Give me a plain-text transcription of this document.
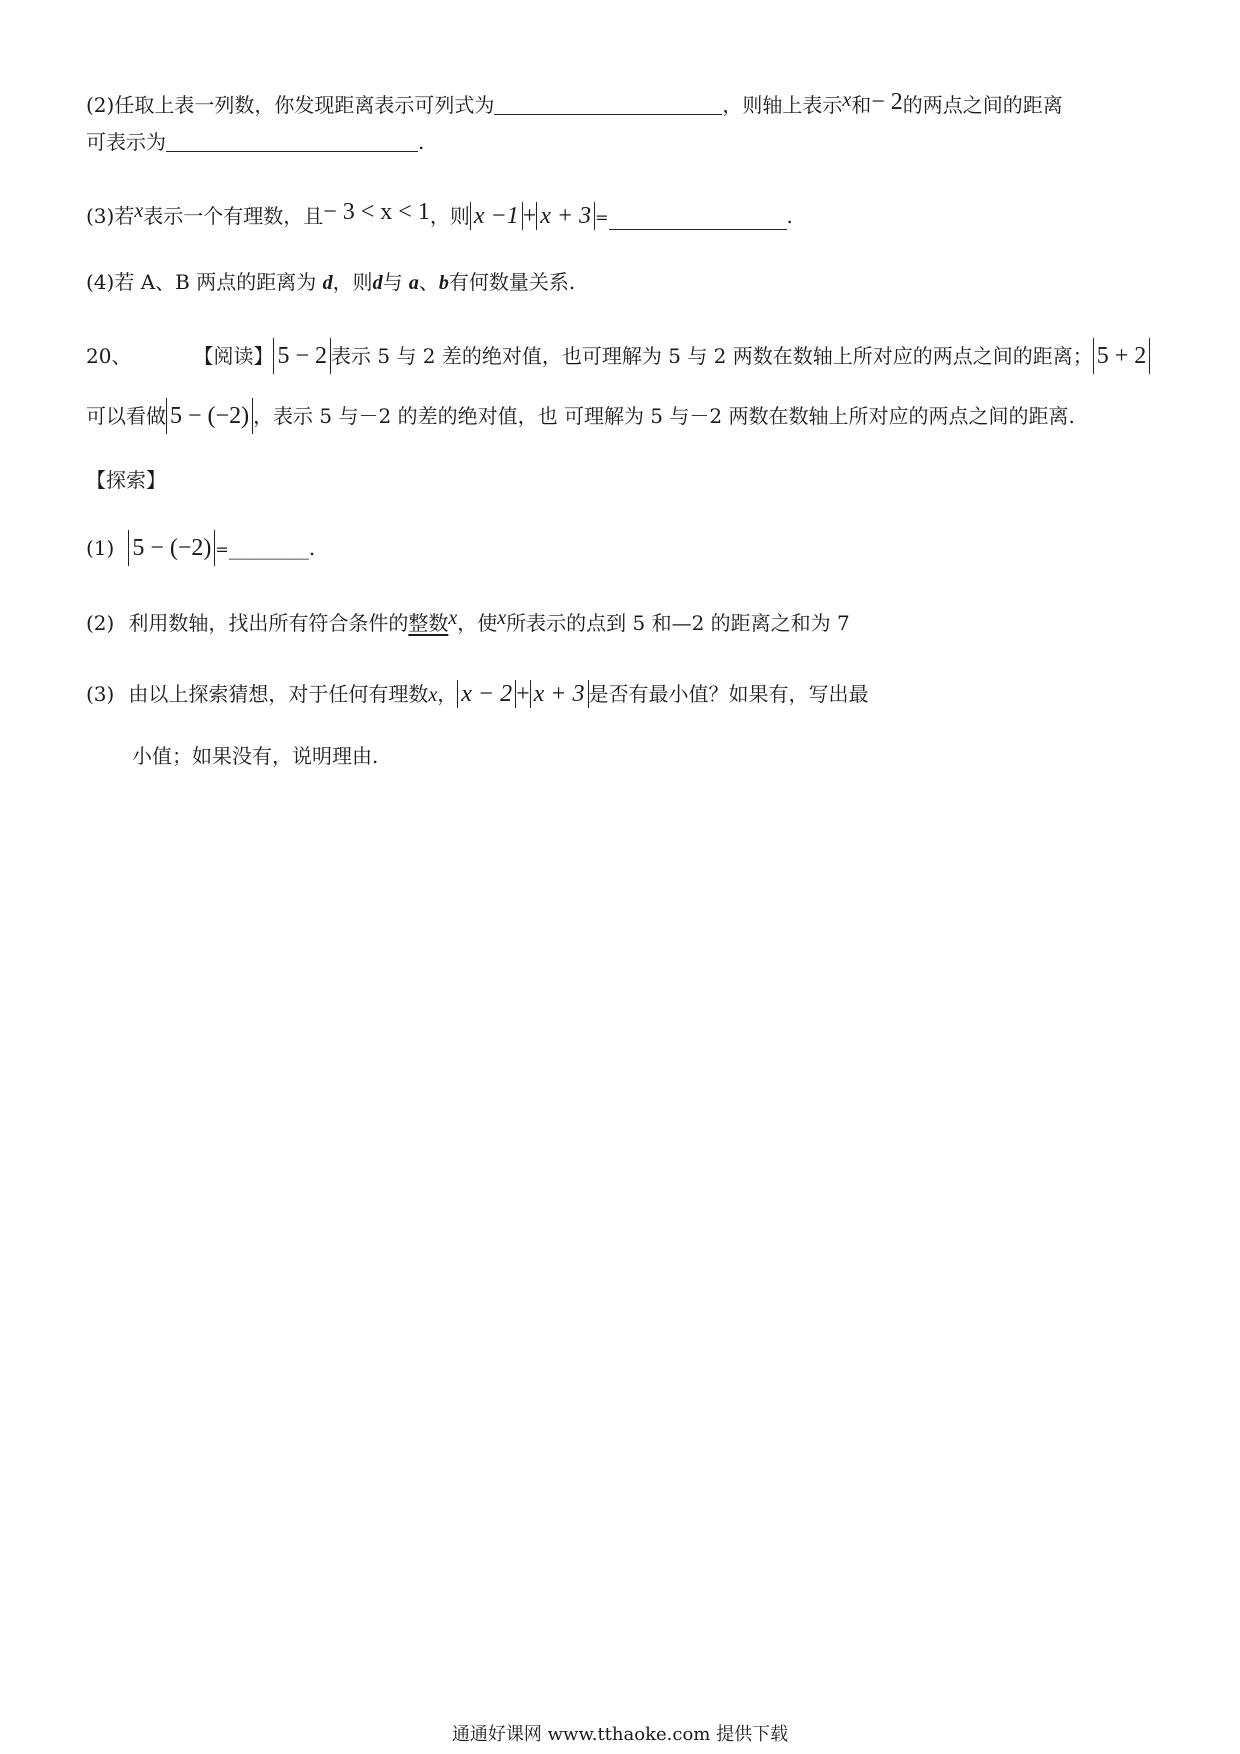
(2)任取上表一列数，你发现距离表示可列式为	，则轴上表示x和− 2的两点之间的距离
可表示为	.
(3)若x表示一个有理数，且− 3 < x < 1，则 x −1 + x + 3 =	.
(4)若 A、B 两点的距离为 d，则d与 a、b有何数量关系.
20、	【阅读】 5 − 2 表示 5 与 2 差的绝对值，也可理解为 5 与 2 两数在数轴上所对应的两点之间的距离； 5 + 2
可以看做 5 − (−2) ，表示 5 与－2 的差的绝对值，也 可理解为 5 与－2 两数在数轴上所对应的两点之间的距离.
【探索】
(1) 5 − (−2) =________.
(2) 利用数轴，找出所有符合条件的整数x，使x所表示的点到 5 和—2 的距离之和为 7
(3) 由以上探索猜想，对于任何有理数x， x − 2 + x + 3 是否有最小值？如果有，写出最
小值；如果没有，说明理由.
通通好课网 www.tthaoke.com 提供下载
